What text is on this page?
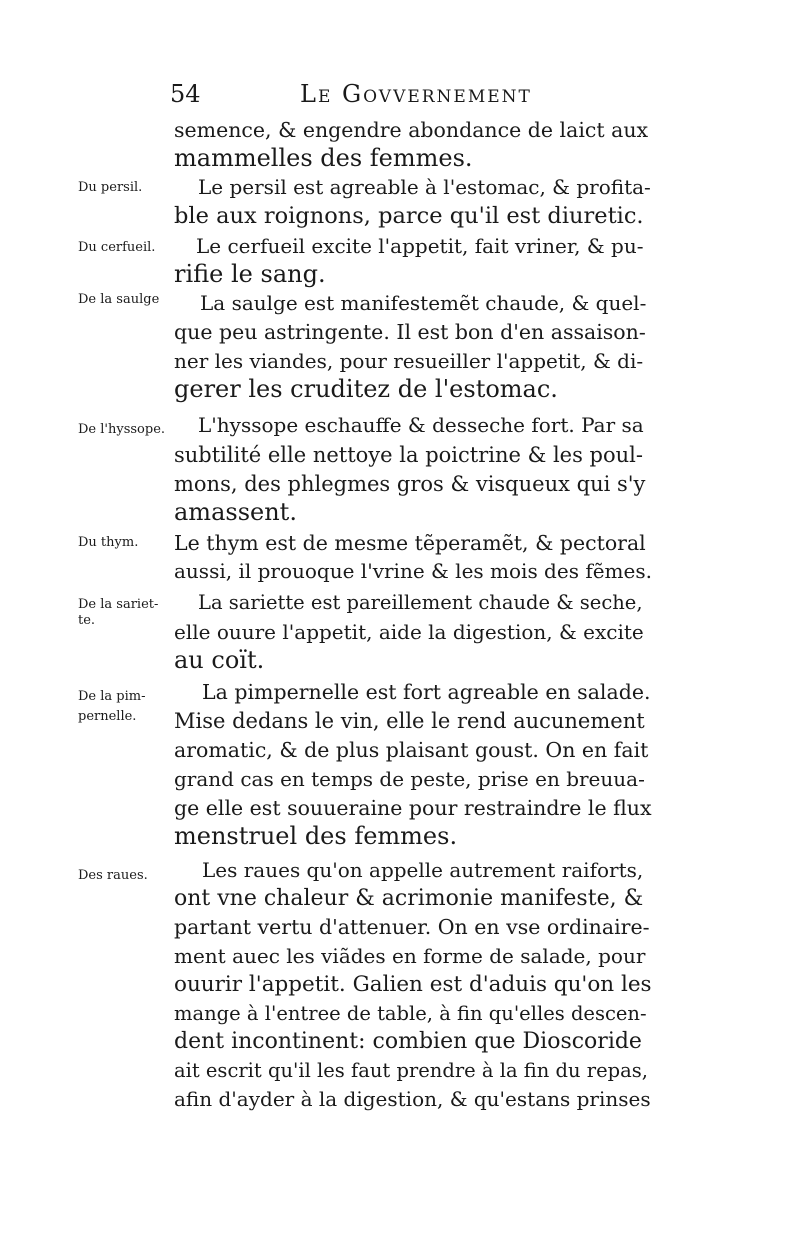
54	Le Govvernement
Du persil.
Du cerfueil.
De la saulge
De l'hyssope.
Du thym.
De la sariet-
te.
De la pim-
pernelle.
Des raues.
semence, & engendre abondance de laict aux
mammelles des femmes.
Le persil est agreable à l'estomac, & profita-
ble aux roignons, parce qu'il est diuretic.
Le cerfueil excite l'appetit, fait vriner, & pu-
rifie le sang.
La saulge est manifestemẽt chaude, & quel-
que peu astringente. Il est bon d'en assaison-
ner les viandes, pour resueiller l'appetit, & di-
gerer les cruditez de l'estomac.
L'hyssope eschauffe & desseche fort. Par sa
subtilité elle nettoye la poictrine & les poul-
mons, des phlegmes gros & visqueux qui s'y
amassent.
Le thym est de mesme tẽperamẽt, & pectoral
aussi, il prouoque l'vrine & les mois des fẽmes.
La sariette est pareillement chaude & seche,
elle ouure l'appetit, aide la digestion, & excite
au coït.
La pimpernelle est fort agreable en salade.
Mise dedans le vin, elle le rend aucunement
aromatic, & de plus plaisant goust. On en fait
grand cas en temps de peste, prise en breuua-
ge elle est souueraine pour restraindre le flux
menstruel des femmes.
Les raues qu'on appelle autrement raiforts,
ont vne chaleur & acrimonie manifeste, &
partant vertu d'attenuer. On en vse ordinaire-
ment auec les viãdes en forme de salade, pour
ouurir l'appetit. Galien est d'aduis qu'on les
mange à l'entree de table, à fin qu'elles descen-
dent incontinent: combien que Dioscoride
ait escrit qu'il les faut prendre à la fin du repas,
afin d'ayder à la digestion, & qu'estans prinses
